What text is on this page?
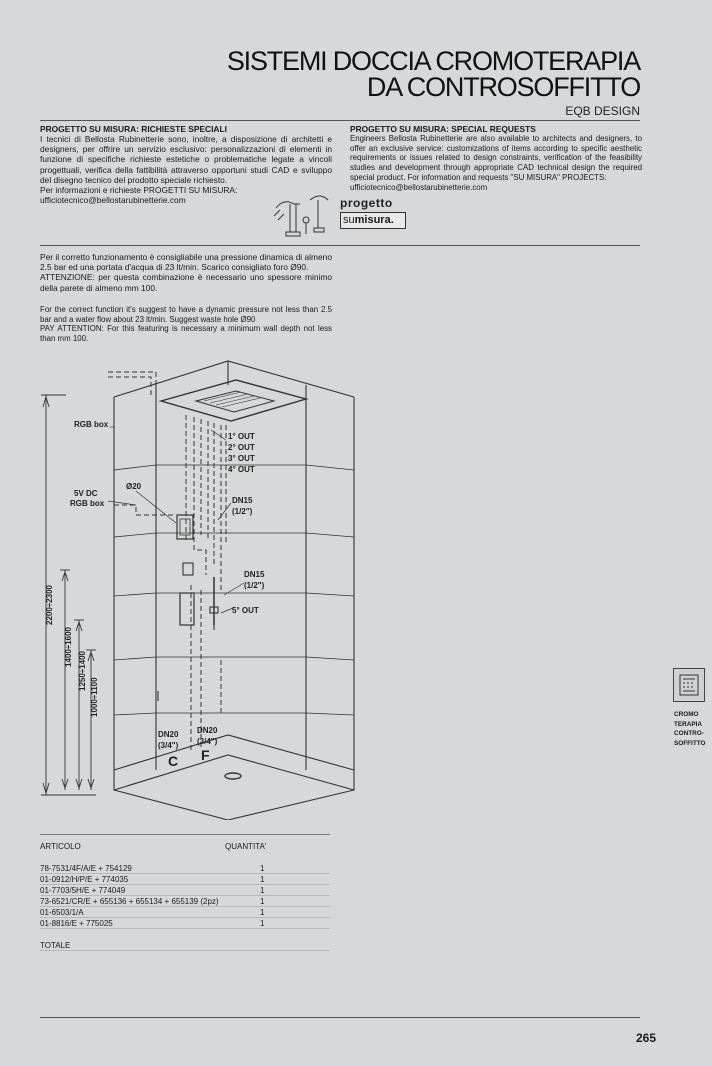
SISTEMI DOCCIA CROMOTERAPIA
DA CONTROSOFFITTO
EQB DESIGN
PROGETTO SU MISURA: RICHIESTE SPECIALI
I tecnici di Bellosta Rubinetterie sono, inoltre, a disposizione di architetti e designers, per offrire un servizio esclusivo: personalizzazioni di elementi in funzione di specifiche richieste estetiche o problematiche legate a vincoli progettuali, verifica della fattibilità attraverso opportuni studi CAD e sviluppo del disegno tecnico del prodotto speciale richiesto.
Per informazioni e richieste PROGETTI SU MISURA:
ufficiotecnico@bellostarubinetterie.com
PROGETTO SU MISURA: SPECIAL REQUESTS
Engineers Bellosta Rubinetterie are also available to architects and designers, to offer an exclusive service: customizations of items according to specific aesthetic requirements or issues related to design constraints, verification of the feasibility studies and development through appropriate CAD technical design the required special product. For information and requests "SU MISURA" PROJECTS:
ufficiotecnico@bellostarubinetterie.com
progetto
sumisura.
Per il corretto funzionamento è consigliabile una pressione dinamica di almeno 2.5 bar ed una portata d'acqua di 23 lt/min. Scarico consigliato foro Ø90.
ATTENZIONE: per questa combinazione è necessario uno spessore minimo della parete di almeno mm 100.
For the correct function it's suggest to have a dynamic pressure not less than 2.5 bar and a water flow about 23 lt/min. Suggest waste hole Ø90
PAY ATTENTION: For this featuring is necessary a minimum wall depth not less than mm 100.
RGB box
5V DC
RGB box
Ø20
1° OUT
2° OUT
3° OUT
4° OUT
DN15
(1/2")
DN15
(1/2")
5° OUT
DN20
(3/4")
DN20
(3/4")
C F
2200÷2300
1400÷1600
1250÷1400
1000÷1100
ARTICOLO	QUANTITA'
78-7531/4F/A/E + 754129	1
01-0912/H/P/E + 774035	1
01-7703/5H/E + 774049	1
73-6521/CR/E + 655136 + 655134 + 655139 (2pz)	1
01-6503/1/A	1
01-8816/E + 775025	1
TOTALE
CROMO
TERAPIA
CONTRO-
SOFFITTO
265
